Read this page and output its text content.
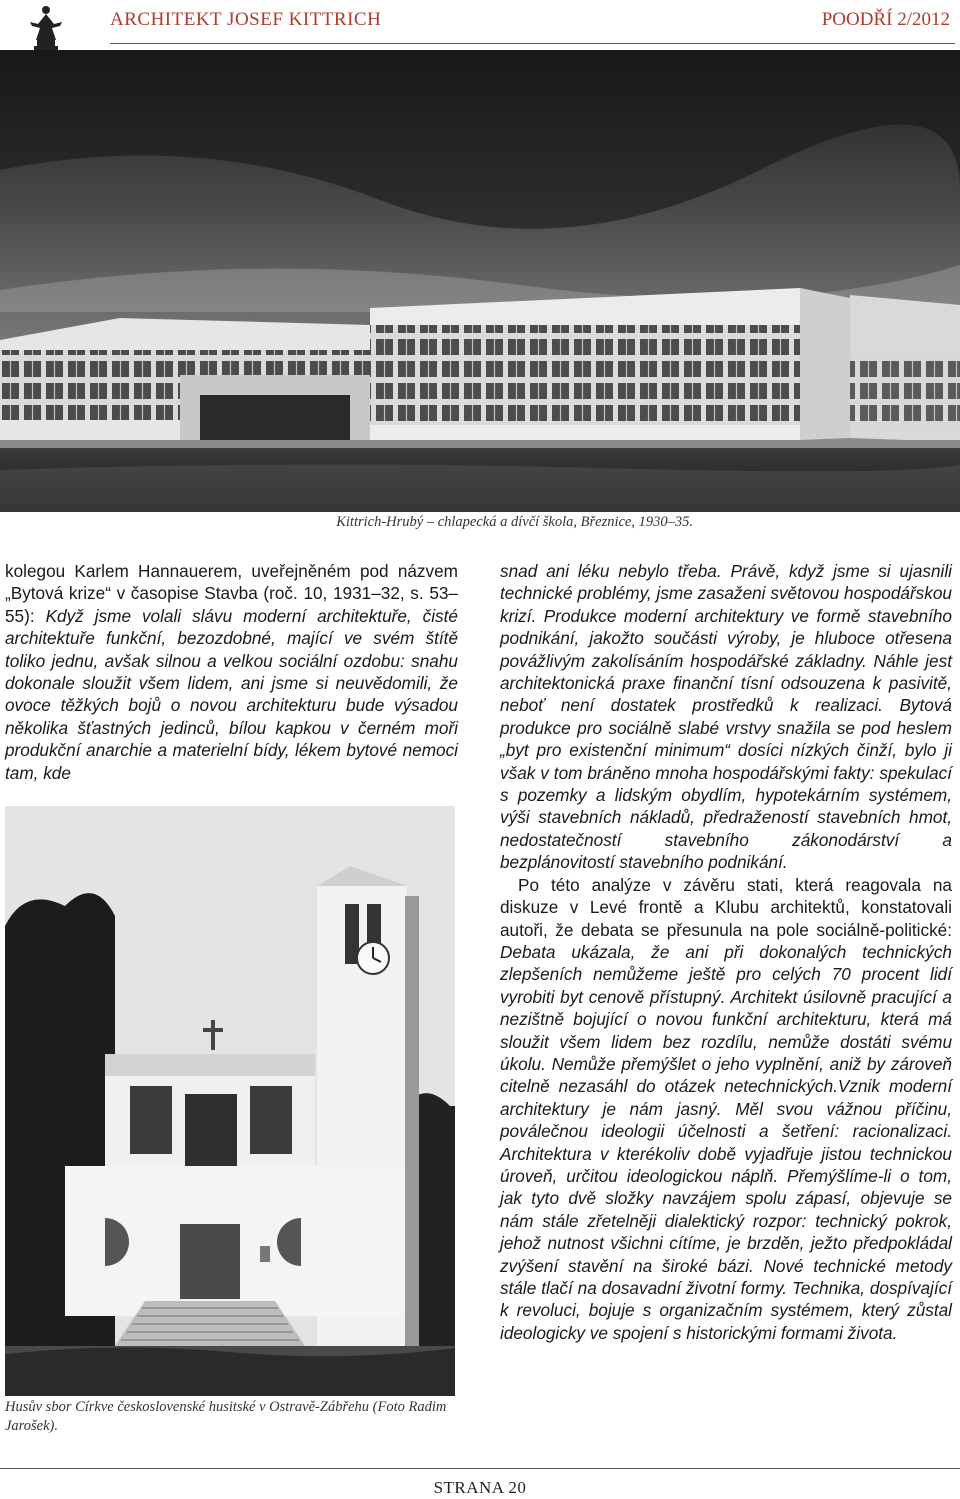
ARCHITEKT JOSEF KITTRICH	POODŘÍ 2/2012
Kittrich-Hrubý – chlapecká a dívčí škola, Březnice, 1930–35.

kolegou Karlem Hannauerem, uveřejněném pod názvem „Bytová krize“ v časopise Stavba (roč. 10, 1931–32, s. 53–55): Když jsme volali slávu moderní architektuře, čisté architektuře funkční, bezozdobné, mající ve svém štítě toliko jednu, avšak silnou a velkou sociální ozdobu: snahu dokonale sloužit všem lidem, ani jsme si neuvědomili, že ovoce těžkých bojů o novou architekturu bude výsadou několika šťastných jedinců, bílou kapkou v černém moři produkční anarchie a materielní bídy, lékem bytové nemoci tam, kde

Husův sbor Církve československé husitské v Ostravě-Zábřehu (Foto Radim Jarošek).

snad ani léku nebylo třeba. Právě, když jsme si ujasnili technické problémy, jsme zasaženi světovou hospodářskou krizí. Produkce moderní architektury ve formě stavebního podnikání, jakožto součásti výroby, je hluboce otřesena povážlivým zakolísáním hospodářské základny. Náhle jest architektonická praxe finanční tísní odsouzena k pasivitě, neboť není dostatek prostředků k realizaci. Bytová produkce pro sociálně slabé vrstvy snažila se pod heslem „byt pro existenční minimum“ dosíci nízkých činží, bylo ji však v tom bráněno mnoha hospodářskými fakty: spekulací s pozemky a lidským obydlím, hypotekárním systémem, výši stavebních nákladů, předražeností stavebních hmot, nedostatečností stavebního zákonodárství a bezplánovitostí stavebního podnikání.

Po této analýze v závěru stati, která reagovala na diskuze v Levé frontě a Klubu architektů, konstatovali autoři, že debata se přesunula na pole sociálně-politické: Debata ukázala, že ani při dokonalých technických zlepšeních nemůžeme ještě pro celých 70 procent lidí vyrobiti byt cenově přístupný. Architekt úsilovně pracující a nezištně bojující o novou funkční architekturu, která má sloužit všem lidem bez rozdílu, nemůže dostáti svému úkolu. Nemůže přemýšlet o jeho vyplnění, aniž by zároveň citelně nezasáhl do otázek netechnických.Vznik moderní architektury je nám jasný. Měl svou vážnou příčinu, poválečnou ideologii účelnosti a šetření: racionalizaci. Architektura v kterékoliv době vyjadřuje jistou technickou úroveň, určitou ideologickou náplň. Přemýšlíme-li o tom, jak tyto dvě složky navzájem spolu zápasí, objevuje se nám stále zřetelněji dialektický rozpor: technický pokrok, jehož nutnost všichni cítíme, je brzděn, ježto předpokládal zvýšení stavění na široké bázi. Nové technické metody stále tlačí na dosavadní životní formy. Technika, dospívající k revoluci, bojuje s organizačním systémem, který zůstal ideologicky ve spojení s historickými formami života.

STRANA 20
